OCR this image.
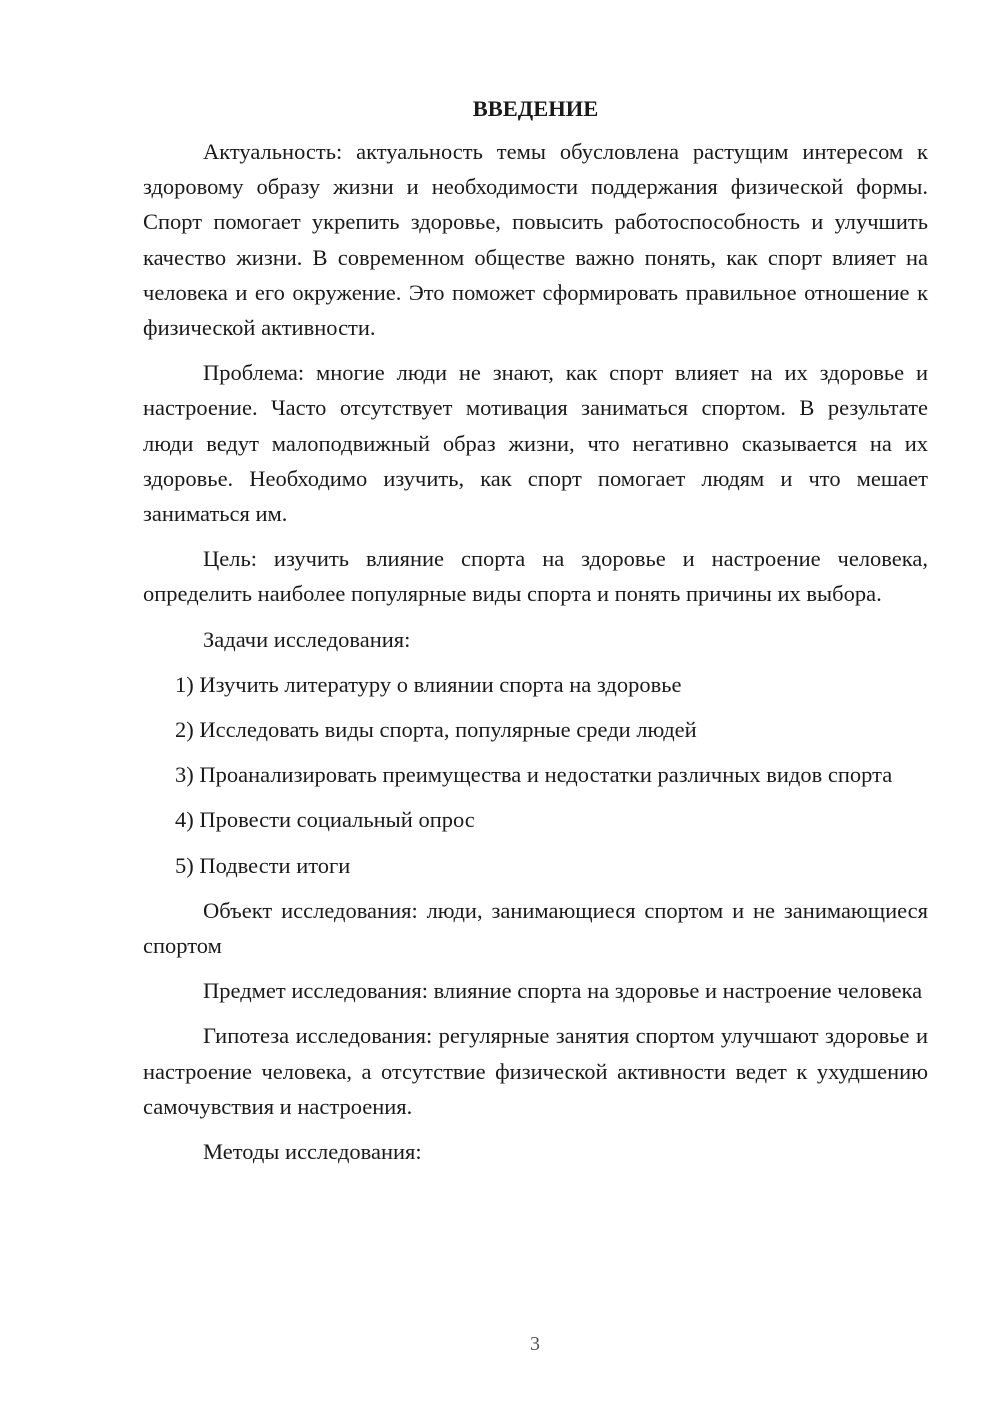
ВВЕДЕНИЕ

Актуальность: актуальность темы обусловлена растущим интересом к здоровому образу жизни и необходимости поддержания физической формы. Спорт помогает укрепить здоровье, повысить работоспособность и улучшить качество жизни. В современном обществе важно понять, как спорт влияет на человека и его окружение. Это поможет сформировать правильное отношение к физической активности.

Проблема: многие люди не знают, как спорт влияет на их здоровье и настроение. Часто отсутствует мотивация заниматься спортом. В результате люди ведут малоподвижный образ жизни, что негативно сказывается на их здоровье. Необходимо изучить, как спорт помогает людям и что мешает заниматься им.

Цель: изучить влияние спорта на здоровье и настроение человека, определить наиболее популярные виды спорта и понять причины их выбора.

Задачи исследования:

1) Изучить литературу о влиянии спорта на здоровье

2) Исследовать виды спорта, популярные среди людей

3) Проанализировать преимущества и недостатки различных видов спорта

4) Провести социальный опрос

5) Подвести итоги

Объект исследования: люди, занимающиеся спортом и не занимающиеся спортом

Предмет исследования: влияние спорта на здоровье и настроение человека

Гипотеза исследования: регулярные занятия спортом улучшают здоровье и настроение человека, а отсутствие физической активности ведет к ухудшению самочувствия и настроения.

Методы исследования:

3
